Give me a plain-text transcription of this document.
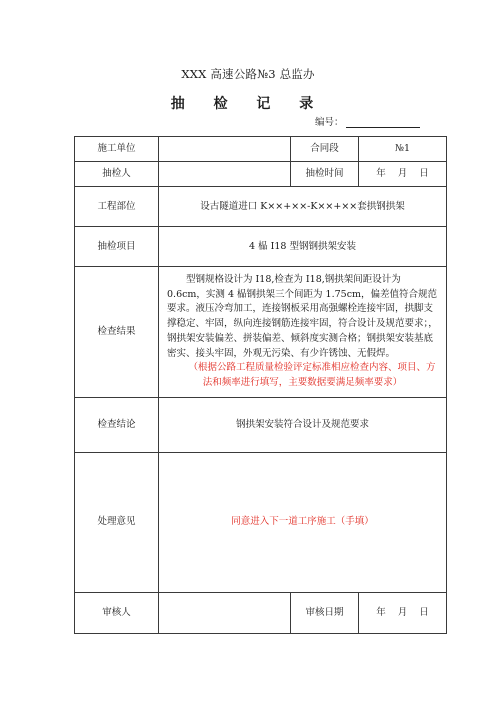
XXX 高速公路№3 总监办
抽 检 记 录
编号：
施工单位		合同段	№1
抽检人		抽检时间	年 月 日
工程部位	设古隧道进口 K××+××-K××+××套拱钢拱架		
抽检项目	4 榀 I18 型钢钢拱架安装		
检查结果	型钢规格设计为 I18,检查为 I18,钢拱架间距设计为 0.6cm，实测 4 榀钢拱架三个间距为 1.75cm，偏差值符合规范要求。液压冷弯加工，连接钢板采用高强螺栓连接牢固，拱脚支撑稳定、牢固，纵向连接钢筋连接牢固，符合设计及规范要求；，钢拱架安装偏差、拼装偏差、倾斜度实测合格；钢拱架安装基底密实、接头牢固，外观无污染、有少许锈蚀、无假焊。

（根据公路工程质量检验评定标准相应检查内容、项目、方法和频率进行填写，主要数据要满足频率要求）		

检查结论	钢拱架安装符合设计及规范要求		
处理意见	同意进入下一道工序施工（手填）		
审核人		审核日期	年 月 日
